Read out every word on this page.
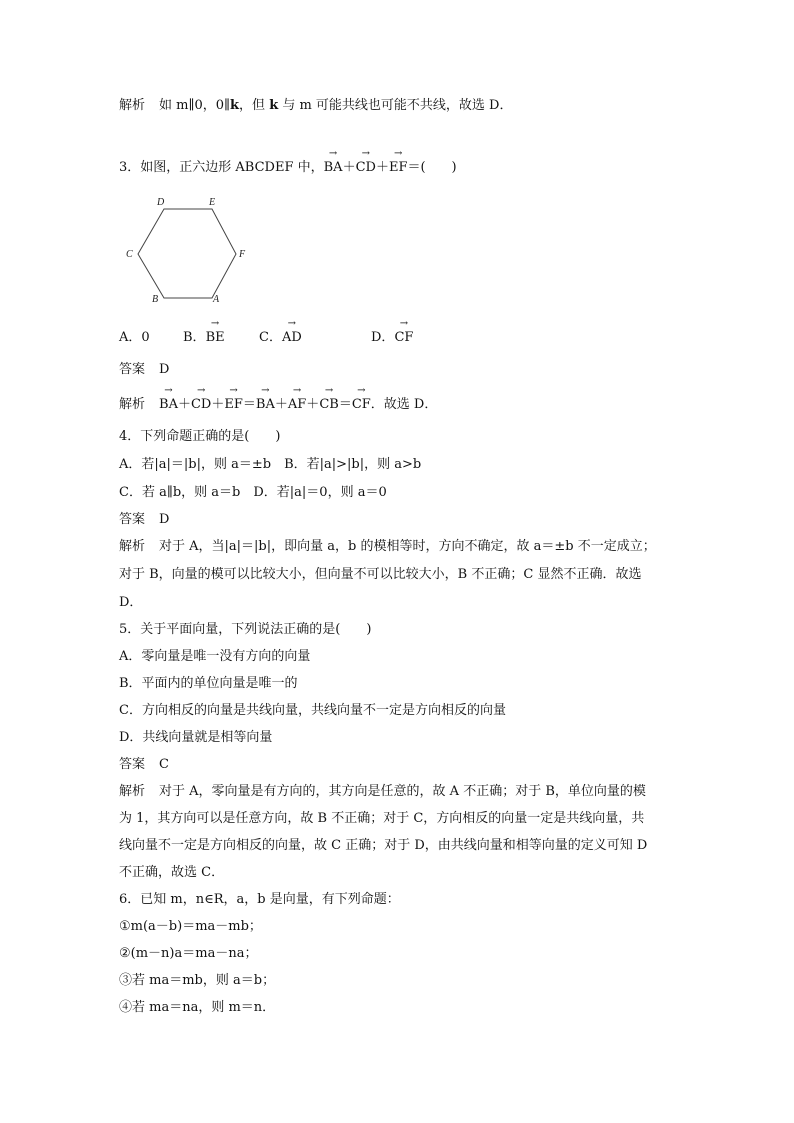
解析 如 m∥0，0∥k，但 k 与 m 可能共线也可能不共线，故选 D．
3．如图，正六边形 ABCDEF 中，→ BA＋→ CD＋→ EF＝(　　)
D	E
C	F
B	A
A．0	B．→ BE	C．→ AD	D．→ CF
答案 D
解析→ BA＋→ CD＋→ EF＝→ BA＋→ AF＋→ CB＝→ CF．故选 D．
4．下列命题正确的是(　　)
A．若|a|＝|b|，则 a＝±b　B．若|a|>|b|，则 a>b
C．若 a∥b，则 a＝b　D．若|a|＝0，则 a＝0
答案 D
解析 对于 A，当|a|＝|b|，即向量 a，b 的模相等时，方向不确定，故 a＝±b 不一定成立；
对于 B，向量的模可以比较大小，但向量不可以比较大小，B 不正确；C 显然不正确．故选
D．
5．关于平面向量，下列说法正确的是(　　)
A．零向量是唯一没有方向的向量
B．平面内的单位向量是唯一的
C．方向相反的向量是共线向量，共线向量不一定是方向相反的向量
D．共线向量就是相等向量
答案 C
解析 对于 A，零向量是有方向的，其方向是任意的，故 A 不正确；对于 B，单位向量的模
为 1，其方向可以是任意方向，故 B 不正确；对于 C，方向相反的向量一定是共线向量，共
线向量不一定是方向相反的向量，故 C 正确；对于 D，由共线向量和相等向量的定义可知 D
不正确，故选 C．
6．已知 m，n∈R，a，b 是向量，有下列命题：
①m(a－b)＝ma－mb；
②(m－n)a＝ma－na；
③若 ma＝mb，则 a＝b；
④若 ma＝na，则 m＝n．
